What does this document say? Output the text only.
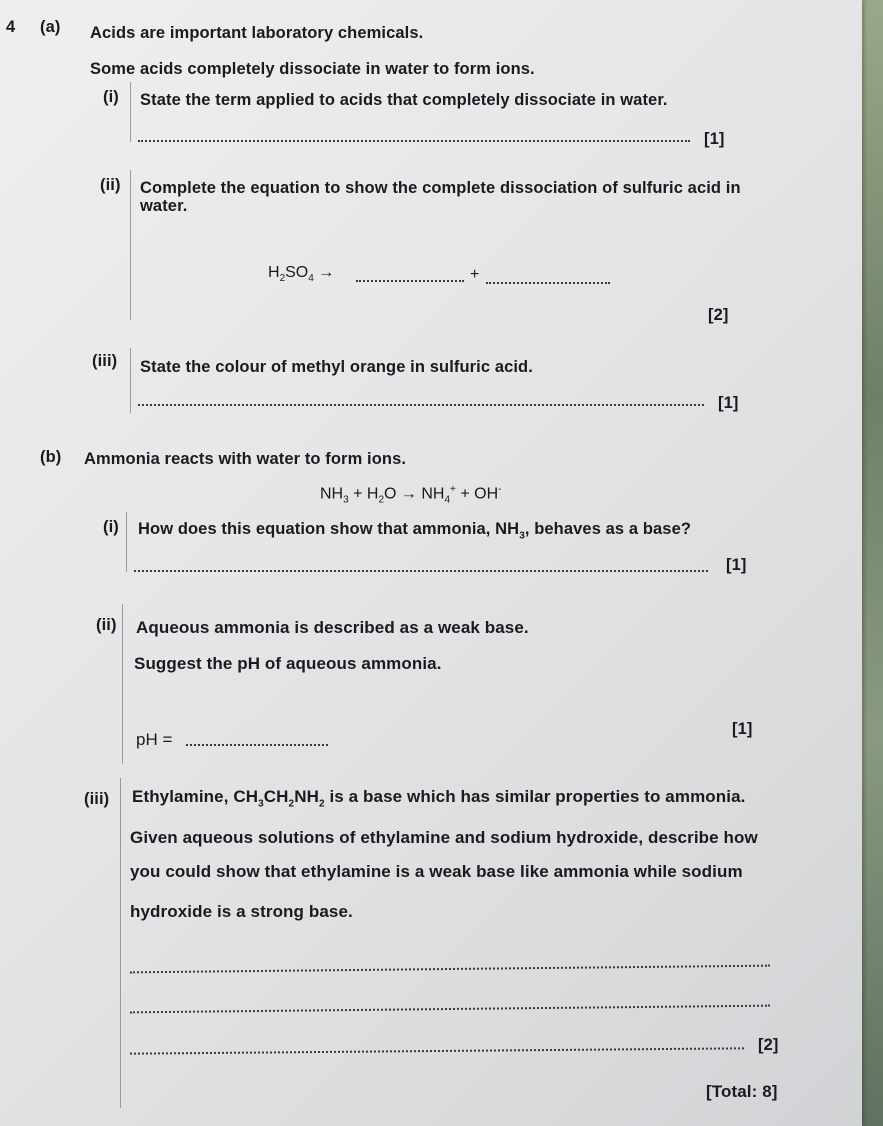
4 (a) Acids are important laboratory chemicals.
Some acids completely dissociate in water to form ions.
(i) State the term applied to acids that completely dissociate in water.
[1]
(ii) Complete the equation to show the complete dissociation of sulfuric acid in
water.
$H_2SO_4$ →	+
[2]
(iii) State the colour of methyl orange in sulfuric acid.
[1]
(b) Ammonia reacts with water to form ions.
$NH_3 + H_2O \to NH_4^+ + OH^-$
(i) How does this equation show that ammonia, $NH_3$, behaves as a base?
[1]
(ii) Aqueous ammonia is described as a weak base.
Suggest the pH of aqueous ammonia.
pH =
[1]
(iii) Ethylamine, $CH_3CH_2NH_2$ is a base which has similar properties to ammonia.
Given aqueous solutions of ethylamine and sodium hydroxide, describe how
you could show that ethylamine is a weak base like ammonia while sodium
hydroxide is a strong base.
[2]
[Total: 8]
